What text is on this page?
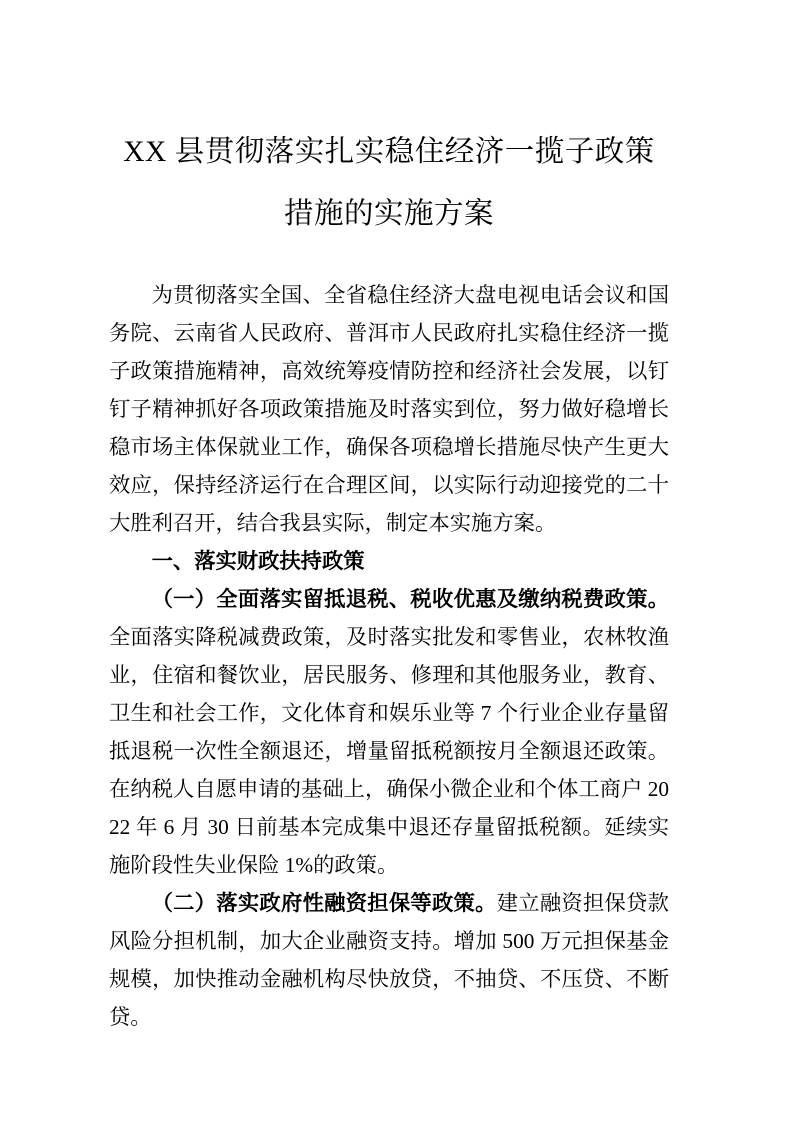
XX 县贯彻落实扎实稳住经济一揽子政策措施的实施方案

为贯彻落实全国、全省稳住经济大盘电视电话会议和国务院、云南省人民政府、普洱市人民政府扎实稳住经济一揽子政策措施精神，高效统筹疫情防控和经济社会发展，以钉钉子精神抓好各项政策措施及时落实到位，努力做好稳增长稳市场主体保就业工作，确保各项稳增长措施尽快产生更大效应，保持经济运行在合理区间，以实际行动迎接党的二十大胜利召开，结合我县实际，制定本实施方案。

一、落实财政扶持政策

（一）全面落实留抵退税、税收优惠及缴纳税费政策。全面落实降税减费政策，及时落实批发和零售业，农林牧渔业，住宿和餐饮业，居民服务、修理和其他服务业，教育、卫生和社会工作，文化体育和娱乐业等 7 个行业企业存量留抵退税一次性全额退还，增量留抵税额按月全额退还政策。在纳税人自愿申请的基础上，确保小微企业和个体工商户 2022 年 6 月 30 日前基本完成集中退还存量留抵税额。延续实施阶段性失业保险 1%的政策。

（二）落实政府性融资担保等政策。建立融资担保贷款风险分担机制，加大企业融资支持。增加 500 万元担保基金规模，加快推动金融机构尽快放贷，不抽贷、不压贷、不断贷。
